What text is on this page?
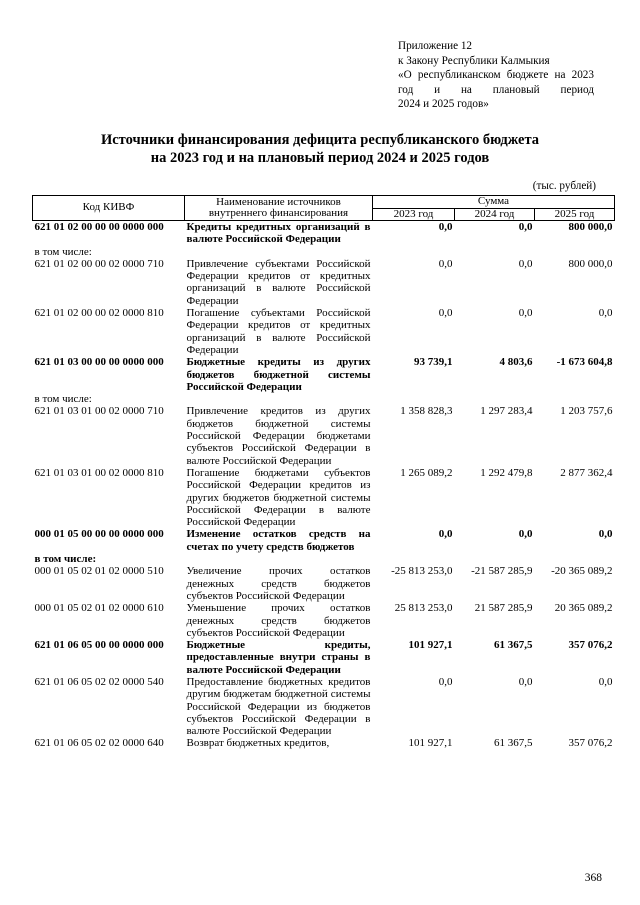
Приложение 12
к Закону Республики Калмыкия
«О республиканском бюджете на 2023 год и на плановый период
2024 и 2025 годов»
Источники финансирования дефицита республиканского бюджета
на 2023 год и на плановый период 2024 и 2025 годов
(тыс. рублей)
Код КИВФ	Наименование источников внутреннего финансирования	Сумма		
		2023 год	2024 год	2025 год
621 01 02 00 00 00 0000 000	Кредиты кредитных организаций в валюте Российской Федерации	0,0	0,0	800 000,0
в том числе:				
621 01 02 00 00 02 0000 710	Привлечение субъектами Российской Федерации кредитов от кредитных организаций в валюте Российской Федерации	0,0	0,0	800 000,0
621 01 02 00 00 02 0000 810	Погашение субъектами Российской Федерации кредитов от кредитных организаций в валюте Российской Федерации	0,0	0,0	0,0
621 01 03 00 00 00 0000 000	Бюджетные кредиты из других бюджетов бюджетной системы Российской Федерации	93 739,1	4 803,6	-1 673 604,8
в том числе:				
621 01 03 01 00 02 0000 710	Привлечение кредитов из других бюджетов бюджетной системы Российской Федерации бюджетами субъектов Российской Федерации в валюте Российской Федерации	1 358 828,3	1 297 283,4	1 203 757,6
621 01 03 01 00 02 0000 810	Погашение бюджетами субъектов Российской Федерации кредитов из других бюджетов бюджетной системы Российской Федерации в валюте Российской Федерации	1 265 089,2	1 292 479,8	2 877 362,4
000 01 05 00 00 00 0000 000	Изменение остатков средств на счетах по учету средств бюджетов	0,0	0,0	0,0
в том числе:				
000 01 05 02 01 02 0000 510	Увеличение прочих остатков денежных средств бюджетов субъектов Российской Федерации	-25 813 253,0	-21 587 285,9	-20 365 089,2
000 01 05 02 01 02 0000 610	Уменьшение прочих остатков денежных средств бюджетов субъектов Российской Федерации	25 813 253,0	21 587 285,9	20 365 089,2
621 01 06 05 00 00 0000 000	Бюджетные кредиты, предоставленные внутри страны в валюте Российской Федерации	101 927,1	61 367,5	357 076,2
621 01 06 05 02 02 0000 540	Предоставление бюджетных кредитов другим бюджетам бюджетной системы Российской Федерации из бюджетов субъектов Российской Федерации в валюте Российской Федерации	0,0	0,0	0,0
621 01 06 05 02 02 0000 640	Возврат бюджетных кредитов,	101 927,1	61 367,5	357 076,2
368
